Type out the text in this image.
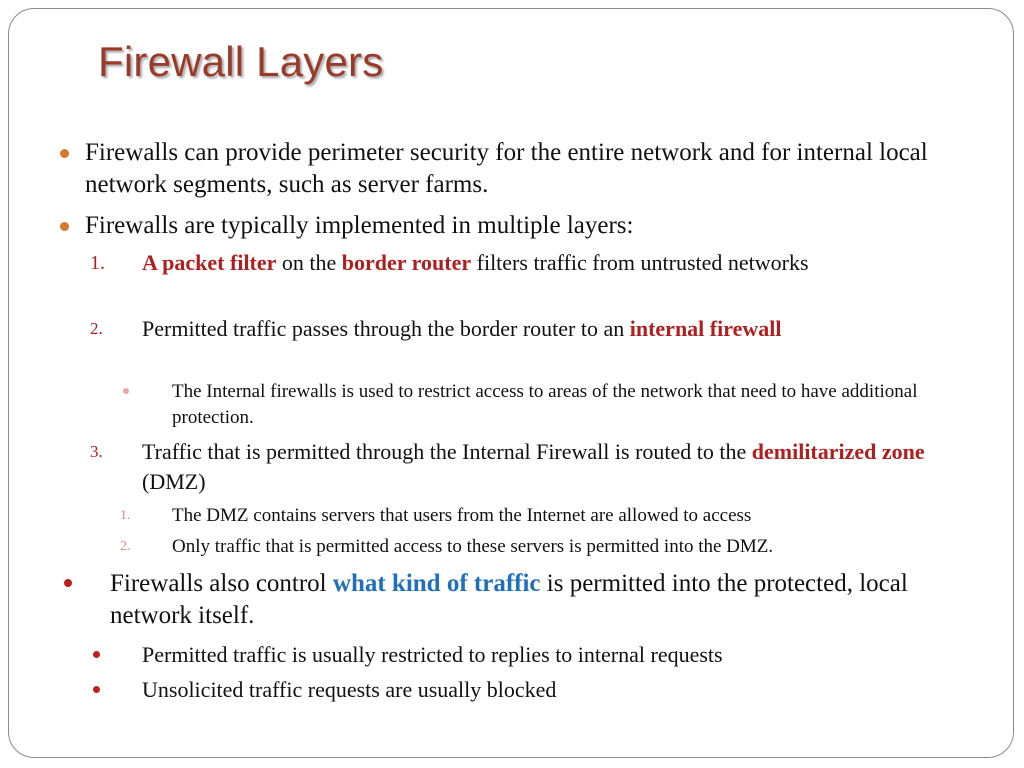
Firewall Layers
Firewalls can provide perimeter security for the entire network and for internal local network segments, such as server farms.
Firewalls are typically implemented in multiple layers:
1. A packet filter on the border router filters traffic from untrusted networks
2. Permitted traffic passes through the border router to an internal firewall
The Internal firewalls is used to restrict access to areas of the network that need to have additional protection.
3. Traffic that is permitted through the Internal Firewall is routed to the demilitarized zone (DMZ)
1. The DMZ contains servers that users from the Internet are allowed to access
2. Only traffic that is permitted access to these servers is permitted into the DMZ.
Firewalls also control what kind of traffic is permitted into the protected, local network itself.
Permitted traffic is usually restricted to replies to internal requests
Unsolicited traffic requests are usually blocked
